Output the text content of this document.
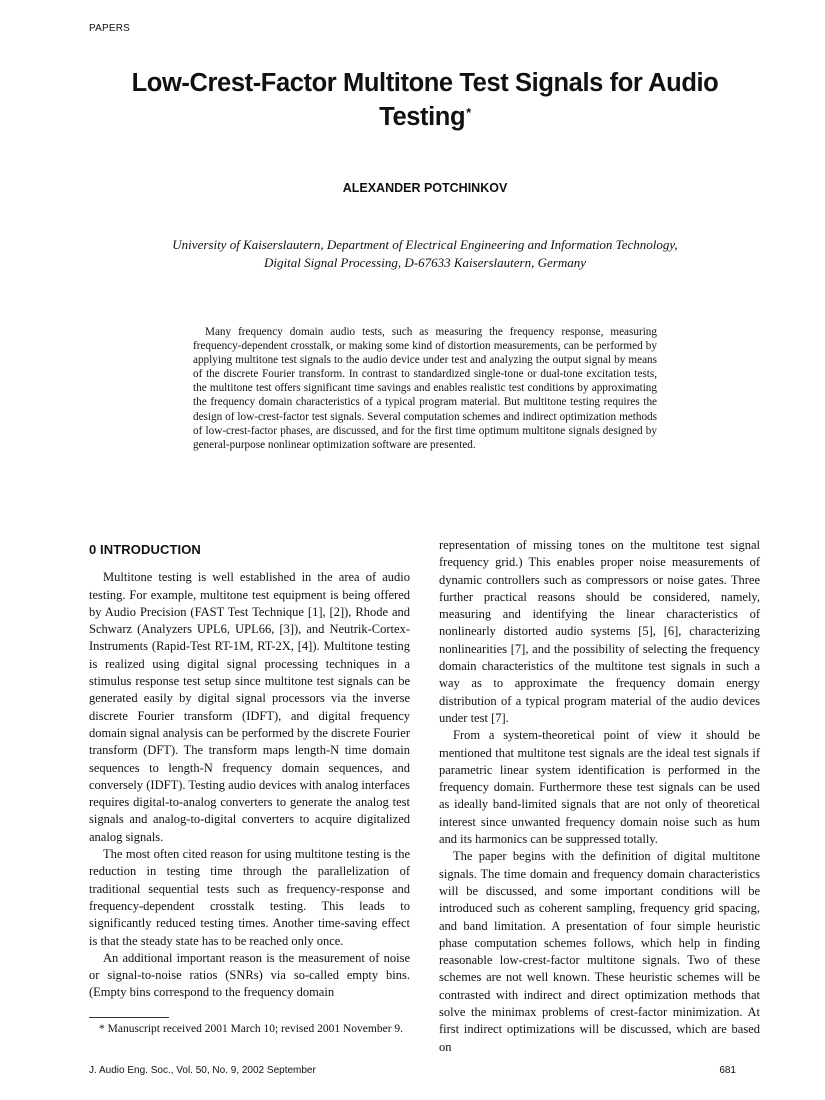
PAPERS
Low-Crest-Factor Multitone Test Signals for Audio Testing*
ALEXANDER POTCHINKOV
University of Kaiserslautern, Department of Electrical Engineering and Information Technology,
Digital Signal Processing, D-67633 Kaiserslautern, Germany

Many frequency domain audio tests, such as measuring the frequency response, measuring frequency-dependent crosstalk, or making some kind of distortion measurements, can be performed by applying multitone test signals to the audio device under test and analyzing the output signal by means of the discrete Fourier transform. In contrast to standardized single-tone or dual-tone excitation tests, the multitone test offers significant time savings and enables realistic test conditions by approximating the frequency domain characteristics of a typical program material. But multitone testing requires the design of low-crest-factor test signals. Several computation schemes and indirect optimization methods of low-crest-factor phases, are discussed, and for the first time optimum multitone signals designed by general-purpose nonlinear optimization software are presented.

0 INTRODUCTION

Multitone testing is well established in the area of audio testing. For example, multitone test equipment is being offered by Audio Precision (FAST Test Technique [1], [2]), Rhode and Schwarz (Analyzers UPL6, UPL66, [3]), and Neutrik-Cortex-Instruments (Rapid-Test RT-1M, RT-2X, [4]). Multitone testing is realized using digital signal processing techniques in a stimulus response test setup since multitone test signals can be generated easily by digital signal processors via the inverse discrete Fourier transform (IDFT), and digital frequency domain signal analysis can be performed by the discrete Fourier transform (DFT). The transform maps length-N time domain sequences to length-N frequency domain sequences, and conversely (IDFT). Testing audio devices with analog interfaces requires digital-to-analog converters to generate the analog test signals and analog-to-digital converters to acquire digitalized analog signals.

The most often cited reason for using multitone testing is the reduction in testing time through the parallelization of traditional sequential tests such as frequency-response and frequency-dependent crosstalk testing. This leads to significantly reduced testing times. Another time-saving effect is that the steady state has to be reached only once.

An additional important reason is the measurement of noise or signal-to-noise ratios (SNRs) via so-called empty bins. (Empty bins correspond to the frequency domain

representation of missing tones on the multitone test signal frequency grid.) This enables proper noise measurements of dynamic controllers such as compressors or noise gates. Three further practical reasons should be considered, namely, measuring and identifying the linear characteristics of nonlinearly distorted audio systems [5], [6], characterizing nonlinearities [7], and the possibility of selecting the frequency domain characteristics of the multitone test signals in such a way as to approximate the frequency domain energy distribution of a typical program material of the audio devices under test [7].

From a system-theoretical point of view it should be mentioned that multitone test signals are the ideal test signals if parametric linear system identification is performed in the frequency domain. Furthermore these test signals can be used as ideally band-limited signals that are not only of theoretical interest since unwanted frequency domain noise such as hum and its harmonics can be suppressed totally.

The paper begins with the definition of digital multitone signals. The time domain and frequency domain characteristics will be discussed, and some important conditions will be introduced such as coherent sampling, frequency grid spacing, and band limitation. A presentation of four simple heuristic phase computation schemes follows, which help in finding reasonable low-crest-factor multitone signals. Two of these schemes are not well known. These heuristic schemes will be contrasted with indirect and direct optimization methods that solve the minimax problems of crest-factor minimization. At first indirect optimizations will be discussed, which are based on

* Manuscript received 2001 March 10; revised 2001 November 9.
J. Audio Eng. Soc., Vol. 50, No. 9, 2002 September	681
